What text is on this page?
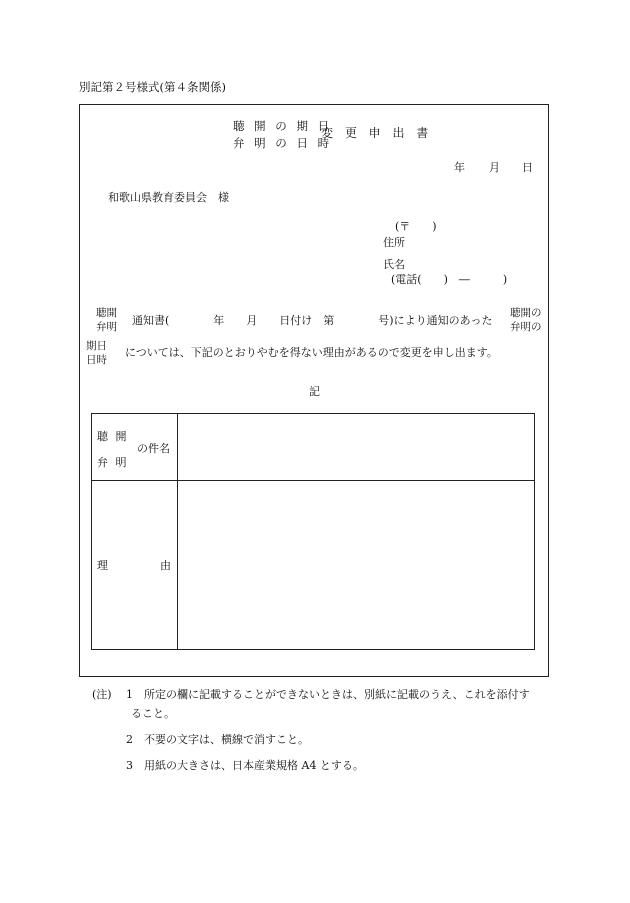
別記第２号様式(第４条関係)
聴 開 の 期 日
弁 明 の 日 時
変 更 申 出 書
年 月 日
和歌山県教育委員会　様
(〒　　)
住所
氏名
(電話(　　)　―　　　)
聴開
弁明 通知書(　　　　年　　月　　日付け　第　　　　号)により通知のあった
聴開の
弁明の
期日
日時
については、下記のとおりやむを得ない理由があるので変更を申し出ます。
記
聴 開
弁 明
の件名
理	由
(注) 1 所定の欄に記載することができないときは、別紙に記載のうえ、これを添付す
ること。
2 不要の文字は、横線で消すこと。
3 用紙の大きさは、日本産業規格 A4 とする。
